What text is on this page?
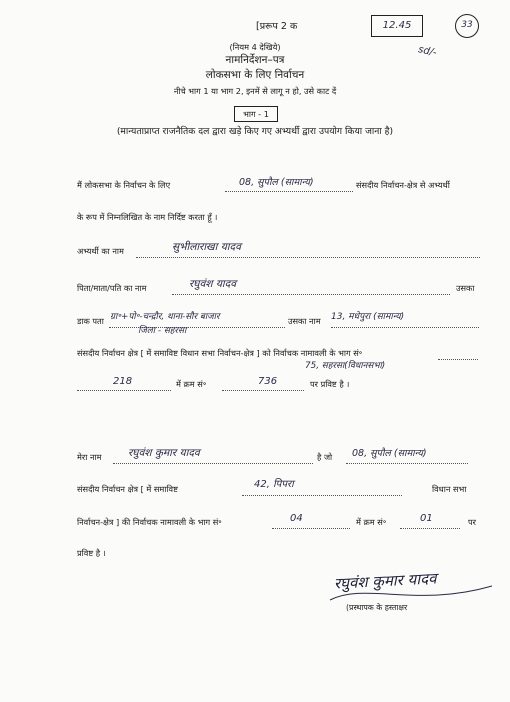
[प्ररूप 2 क
(नियम 4 देखिये)
नामनिर्देशन–पत्र
लोकसभा के लिए निर्वाचन
नीचे भाग 1 या भाग 2, इनमें से लागू न हो, उसे काट दें
भाग - 1
(मान्यताप्राप्त राजनैतिक दल द्वारा खड़े किए गए अभ्यर्थी द्वारा उपयोग किया जाना है)
12.45	33
sd/-
मैं लोकसभा के निर्वाचन के लिए	08, सुपौल (सामान्य)	संसदीय निर्वाचन-क्षेत्र से अभ्यर्थी
के रूप में निम्नलिखित के नाम निर्दिष्ट करता हूँ ।
अभ्यर्थी का नाम	सुभीलाराखा यादव
पिता/माता/पति का नाम	रघुवंश यादव	उसका
डाक पता ग्रा॰+पो॰-चन्द्रौर, थाना-सौर बाजार
जिला - सहरसा
उसका नाम 13, मधेपुरा (सामान्य)
संसदीय निर्वाचन क्षेत्र [ में समाविष्ट विधान सभा निर्वाचन-क्षेत्र ] को निर्वाचक नामावली के भाग सं॰
75, सहरसा(विधानसभा)
218	में क्रम सं॰	736	पर प्रविष्ट है ।
मेरा नाम	रघुवंश कुमार यादव	है जो 08, सुपौल (सामान्य)
संसदीय निर्वाचन क्षेत्र [ में समाविष्ट	42, पिपरा	विधान सभा
निर्वाचन-क्षेत्र ] की निर्वाचक नामावली के भाग सं॰	04	में क्रम सं॰	01	पर
प्रविष्ट है ।
रघुवंश कुमार यादव
(प्रस्थापक के हस्ताक्षर
